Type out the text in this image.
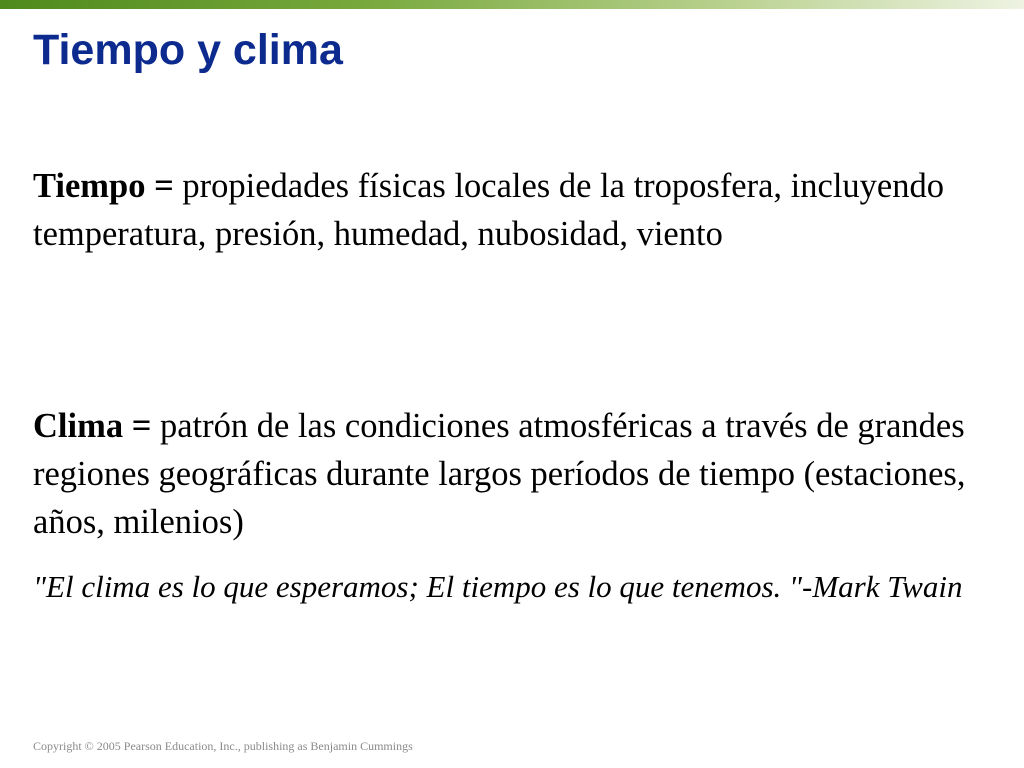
Tiempo y clima

Tiempo = propiedades físicas locales de la troposfera, incluyendo temperatura, presión, humedad, nubosidad, viento

Clima = patrón de las condiciones atmosféricas a través de grandes regiones geográficas durante largos períodos de tiempo (estaciones, años, milenios)

"El clima es lo que esperamos; El tiempo es lo que tenemos. "-Mark Twain

Copyright © 2005 Pearson Education, Inc., publishing as Benjamin Cummings
